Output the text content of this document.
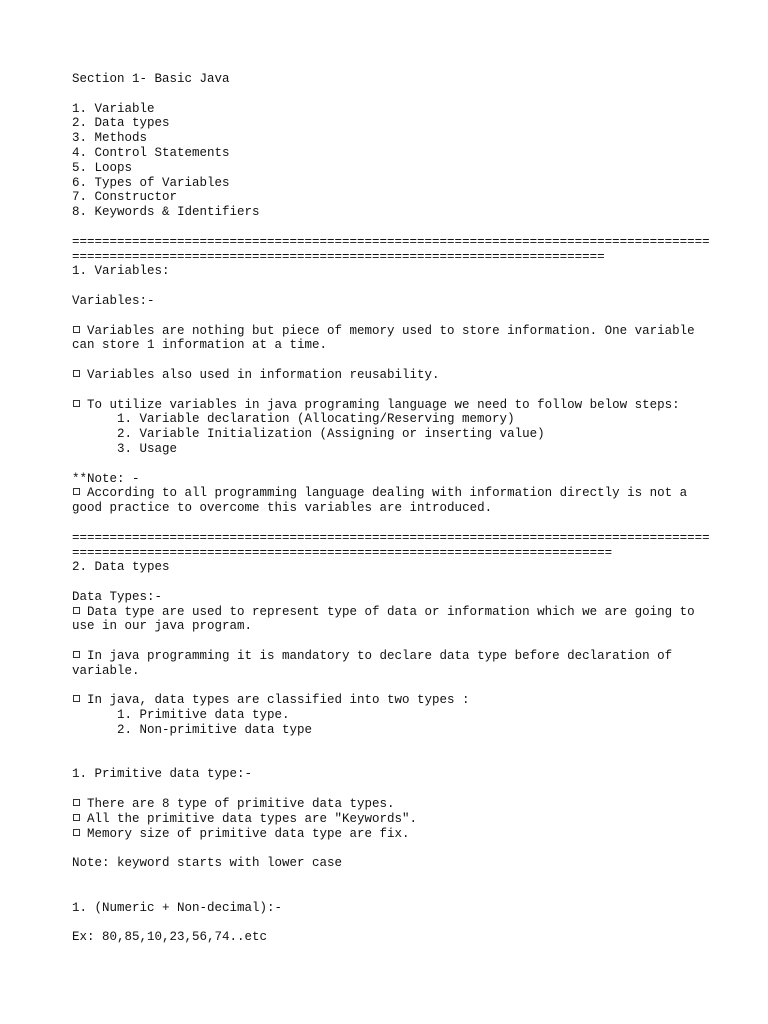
Section 1- Basic Java
1. Variable
2. Data types
3. Methods
4. Control Statements
5. Loops
6. Types of Variables
7. Constructor
8. Keywords & Identifiers
=====================================================================================
=======================================================================
1. Variables:
Variables:-
Variables are nothing but piece of memory used to store information. One variable
can store 1 information at a time.
Variables also used in information reusability.
To utilize variables in java programing language we need to follow below steps:
1. Variable declaration (Allocating/Reserving memory)
2. Variable Initialization (Assigning or inserting value)
3. Usage
**Note: -
According to all programming language dealing with information directly is not a
good practice to overcome this variables are introduced.
=====================================================================================
========================================================================
2. Data types
Data Types:-
Data type are used to represent type of data or information which we are going to
use in our java program.
In java programming it is mandatory to declare data type before declaration of
variable.
In java, data types are classified into two types :
1. Primitive data type.
2. Non-primitive data type
1. Primitive data type:-
There are 8 type of primitive data types.
All the primitive data types are "Keywords".
Memory size of primitive data type are fix.
Note: keyword starts with lower case
1. (Numeric + Non-decimal):-
Ex: 80,85,10,23,56,74..etc
